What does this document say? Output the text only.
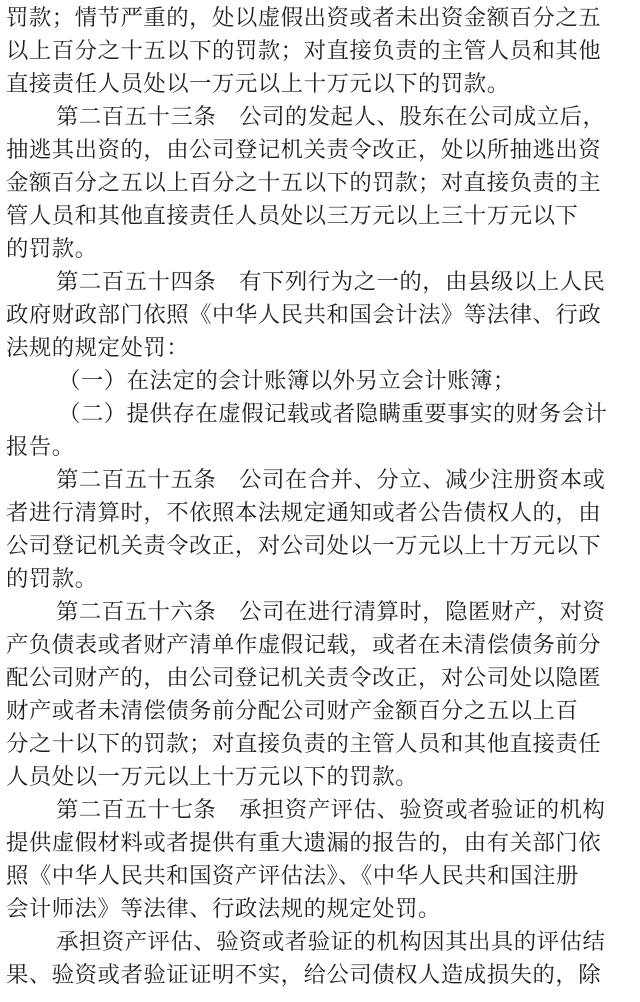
罚款；情节严重的，处以虚假出资或者未出资金额百分之五
以上百分之十五以下的罚款；对直接负责的主管人员和其他
直接责任人员处以一万元以上十万元以下的罚款。
第二百五十三条　公司的发起人、股东在公司成立后，
抽逃其出资的，由公司登记机关责令改正，处以所抽逃出资
金额百分之五以上百分之十五以下的罚款；对直接负责的主
管人员和其他直接责任人员处以三万元以上三十万元以下
的罚款。
第二百五十四条　有下列行为之一的，由县级以上人民
政府财政部门依照《中华人民共和国会计法》等法律、行政
法规的规定处罚：
（一）在法定的会计账簿以外另立会计账簿；
（二）提供存在虚假记载或者隐瞒重要事实的财务会计
报告。
第二百五十五条　公司在合并、分立、减少注册资本或
者进行清算时，不依照本法规定通知或者公告债权人的，由
公司登记机关责令改正，对公司处以一万元以上十万元以下
的罚款。
第二百五十六条　公司在进行清算时，隐匿财产，对资
产负债表或者财产清单作虚假记载，或者在未清偿债务前分
配公司财产的，由公司登记机关责令改正，对公司处以隐匿
财产或者未清偿债务前分配公司财产金额百分之五以上百
分之十以下的罚款；对直接负责的主管人员和其他直接责任
人员处以一万元以上十万元以下的罚款。
第二百五十七条　承担资产评估、验资或者验证的机构
提供虚假材料或者提供有重大遗漏的报告的，由有关部门依
照《中华人民共和国资产评估法》、《中华人民共和国注册
会计师法》等法律、行政法规的规定处罚。
承担资产评估、验资或者验证的机构因其出具的评估结
果、验资或者验证证明不实，给公司债权人造成损失的，除
